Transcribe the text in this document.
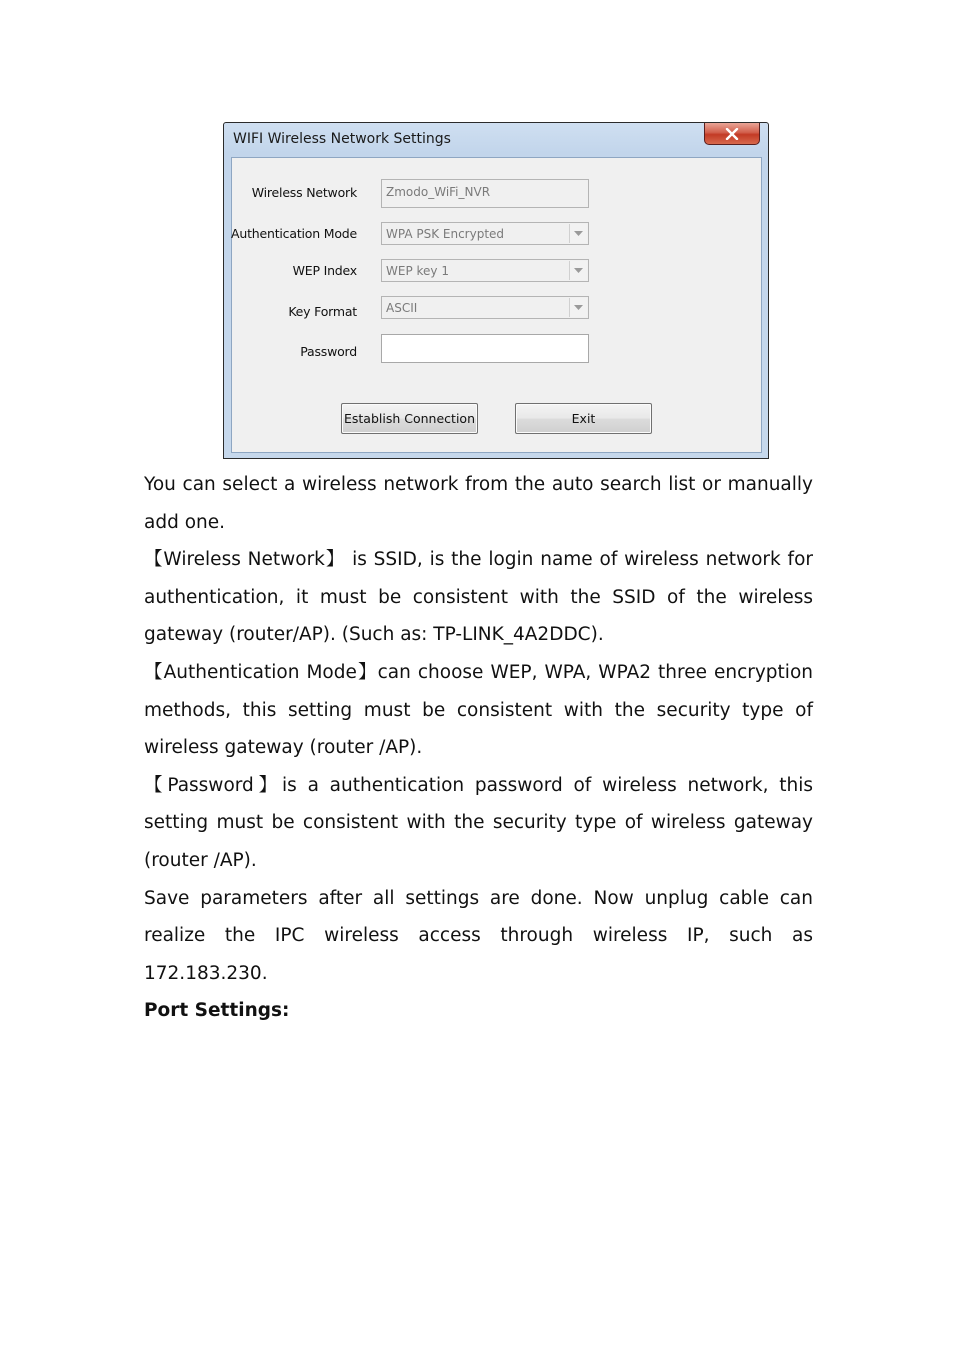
WIFI Wireless Network Settings
Wireless Network	Zmodo_WiFi_NVR
Authentication Mode	WPA PSK Encrypted
WEP Index	WEP key 1
Key Format	ASCII
Password
Establish Connection	Exit

You can select a wireless network from the auto search list or manually add one.

【Wireless Network】 is SSID, is the login name of wireless network for authentication, it must be consistent with the SSID of the wireless gateway (router/AP). (Such as: TP-LINK_4A2DDC).

【Authentication Mode】can choose WEP, WPA, WPA2 three encryption methods, this setting must be consistent with the security type of wireless gateway (router /AP).

【Password】is a authentication password of wireless network, this setting must be consistent with the security type of wireless gateway (router /AP).

Save parameters after all settings are done. Now unplug cable can realize the IPC wireless access through wireless IP, such as 172.183.230.

Port Settings:
